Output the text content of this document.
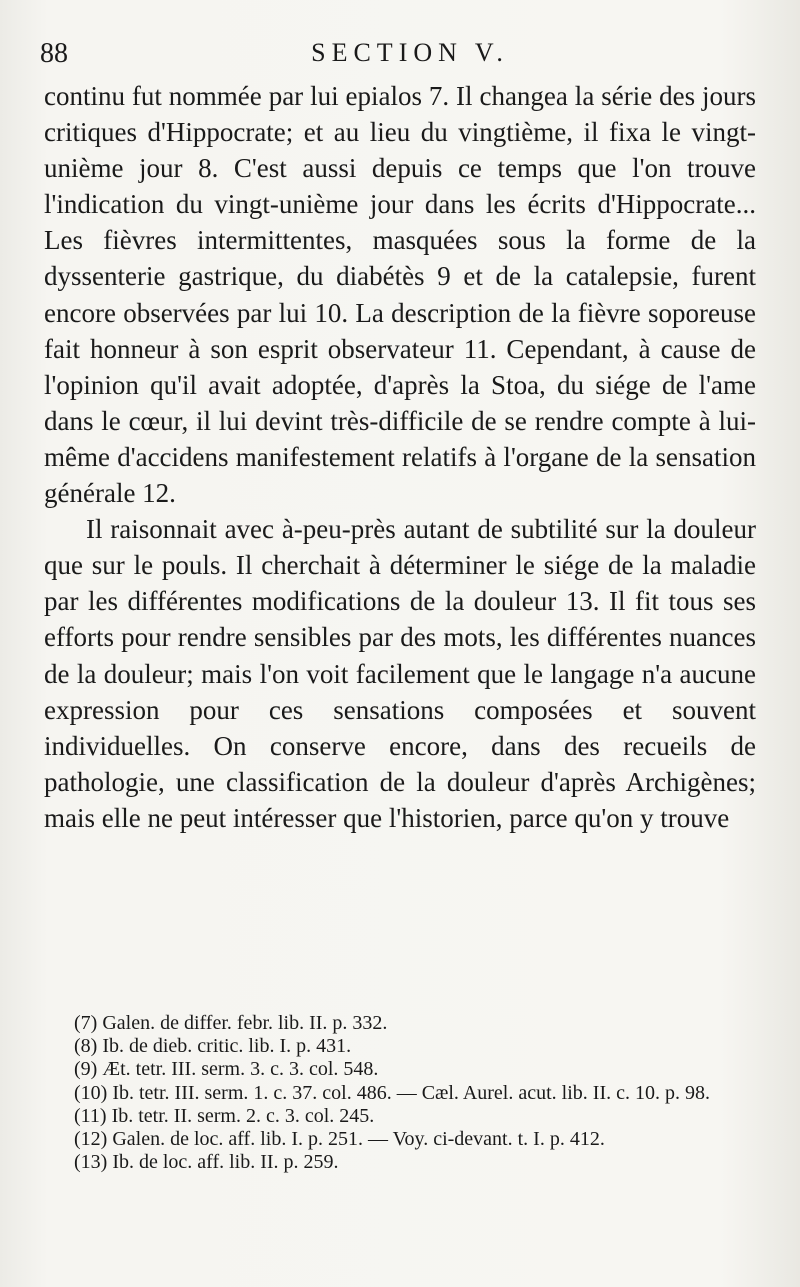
88	SECTION V.

continu fut nommée par lui epialos 7. Il changea la série des jours critiques d'Hippocrate; et au lieu du vingtième, il fixa le vingt-unième jour 8. C'est aussi depuis ce temps que l'on trouve l'indication du vingt-unième jour dans les écrits d'Hippocrate... Les fièvres intermittentes, masquées sous la forme de la dyssenterie gastrique, du diabétès 9 et de la catalepsie, furent encore observées par lui 10. La description de la fièvre soporeuse fait honneur à son esprit observateur 11. Cependant, à cause de l'opinion qu'il avait adoptée, d'après la Stoa, du siége de l'ame dans le cœur, il lui devint très-difficile de se rendre compte à lui-même d'accidens manifestement relatifs à l'organe de la sensation générale 12.

Il raisonnait avec à-peu-près autant de subtilité sur la douleur que sur le pouls. Il cherchait à déterminer le siége de la maladie par les différentes modifications de la douleur 13. Il fit tous ses efforts pour rendre sensibles par des mots, les différentes nuances de la douleur; mais l'on voit facilement que le langage n'a aucune expression pour ces sensations composées et souvent individuelles. On conserve encore, dans des recueils de pathologie, une classification de la douleur d'après Archigènes; mais elle ne peut intéresser que l'historien, parce qu'on y trouve

(7) Galen. de differ. febr. lib. II. p. 332.

(8) Ib. de dieb. critic. lib. I. p. 431.

(9) Æt. tetr. III. serm. 3. c. 3. col. 548.

(10) Ib. tetr. III. serm. 1. c. 37. col. 486. — Cæl. Aurel. acut. lib. II. c. 10. p. 98.

(11) Ib. tetr. II. serm. 2. c. 3. col. 245.

(12) Galen. de loc. aff. lib. I. p. 251. — Voy. ci-devant. t. I. p. 412.

(13) Ib. de loc. aff. lib. II. p. 259.
